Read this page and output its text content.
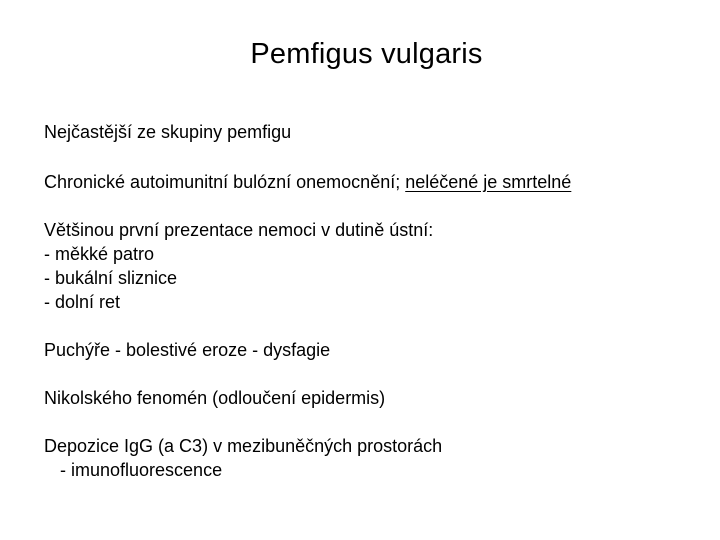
Pemfigus vulgaris

Nejčastější ze skupiny pemfigu

Chronické autoimunitní bulózní onemocnění; neléčené je smrtelné

Většinou první prezentace nemoci v dutině ústní:

- měkké patro

- bukální sliznice

- dolní ret

Puchýře - bolestivé eroze - dysfagie

Nikolského fenomén (odloučení epidermis)

Depozice IgG (a C3) v mezibuněčných prostorách

- imunofluorescence
